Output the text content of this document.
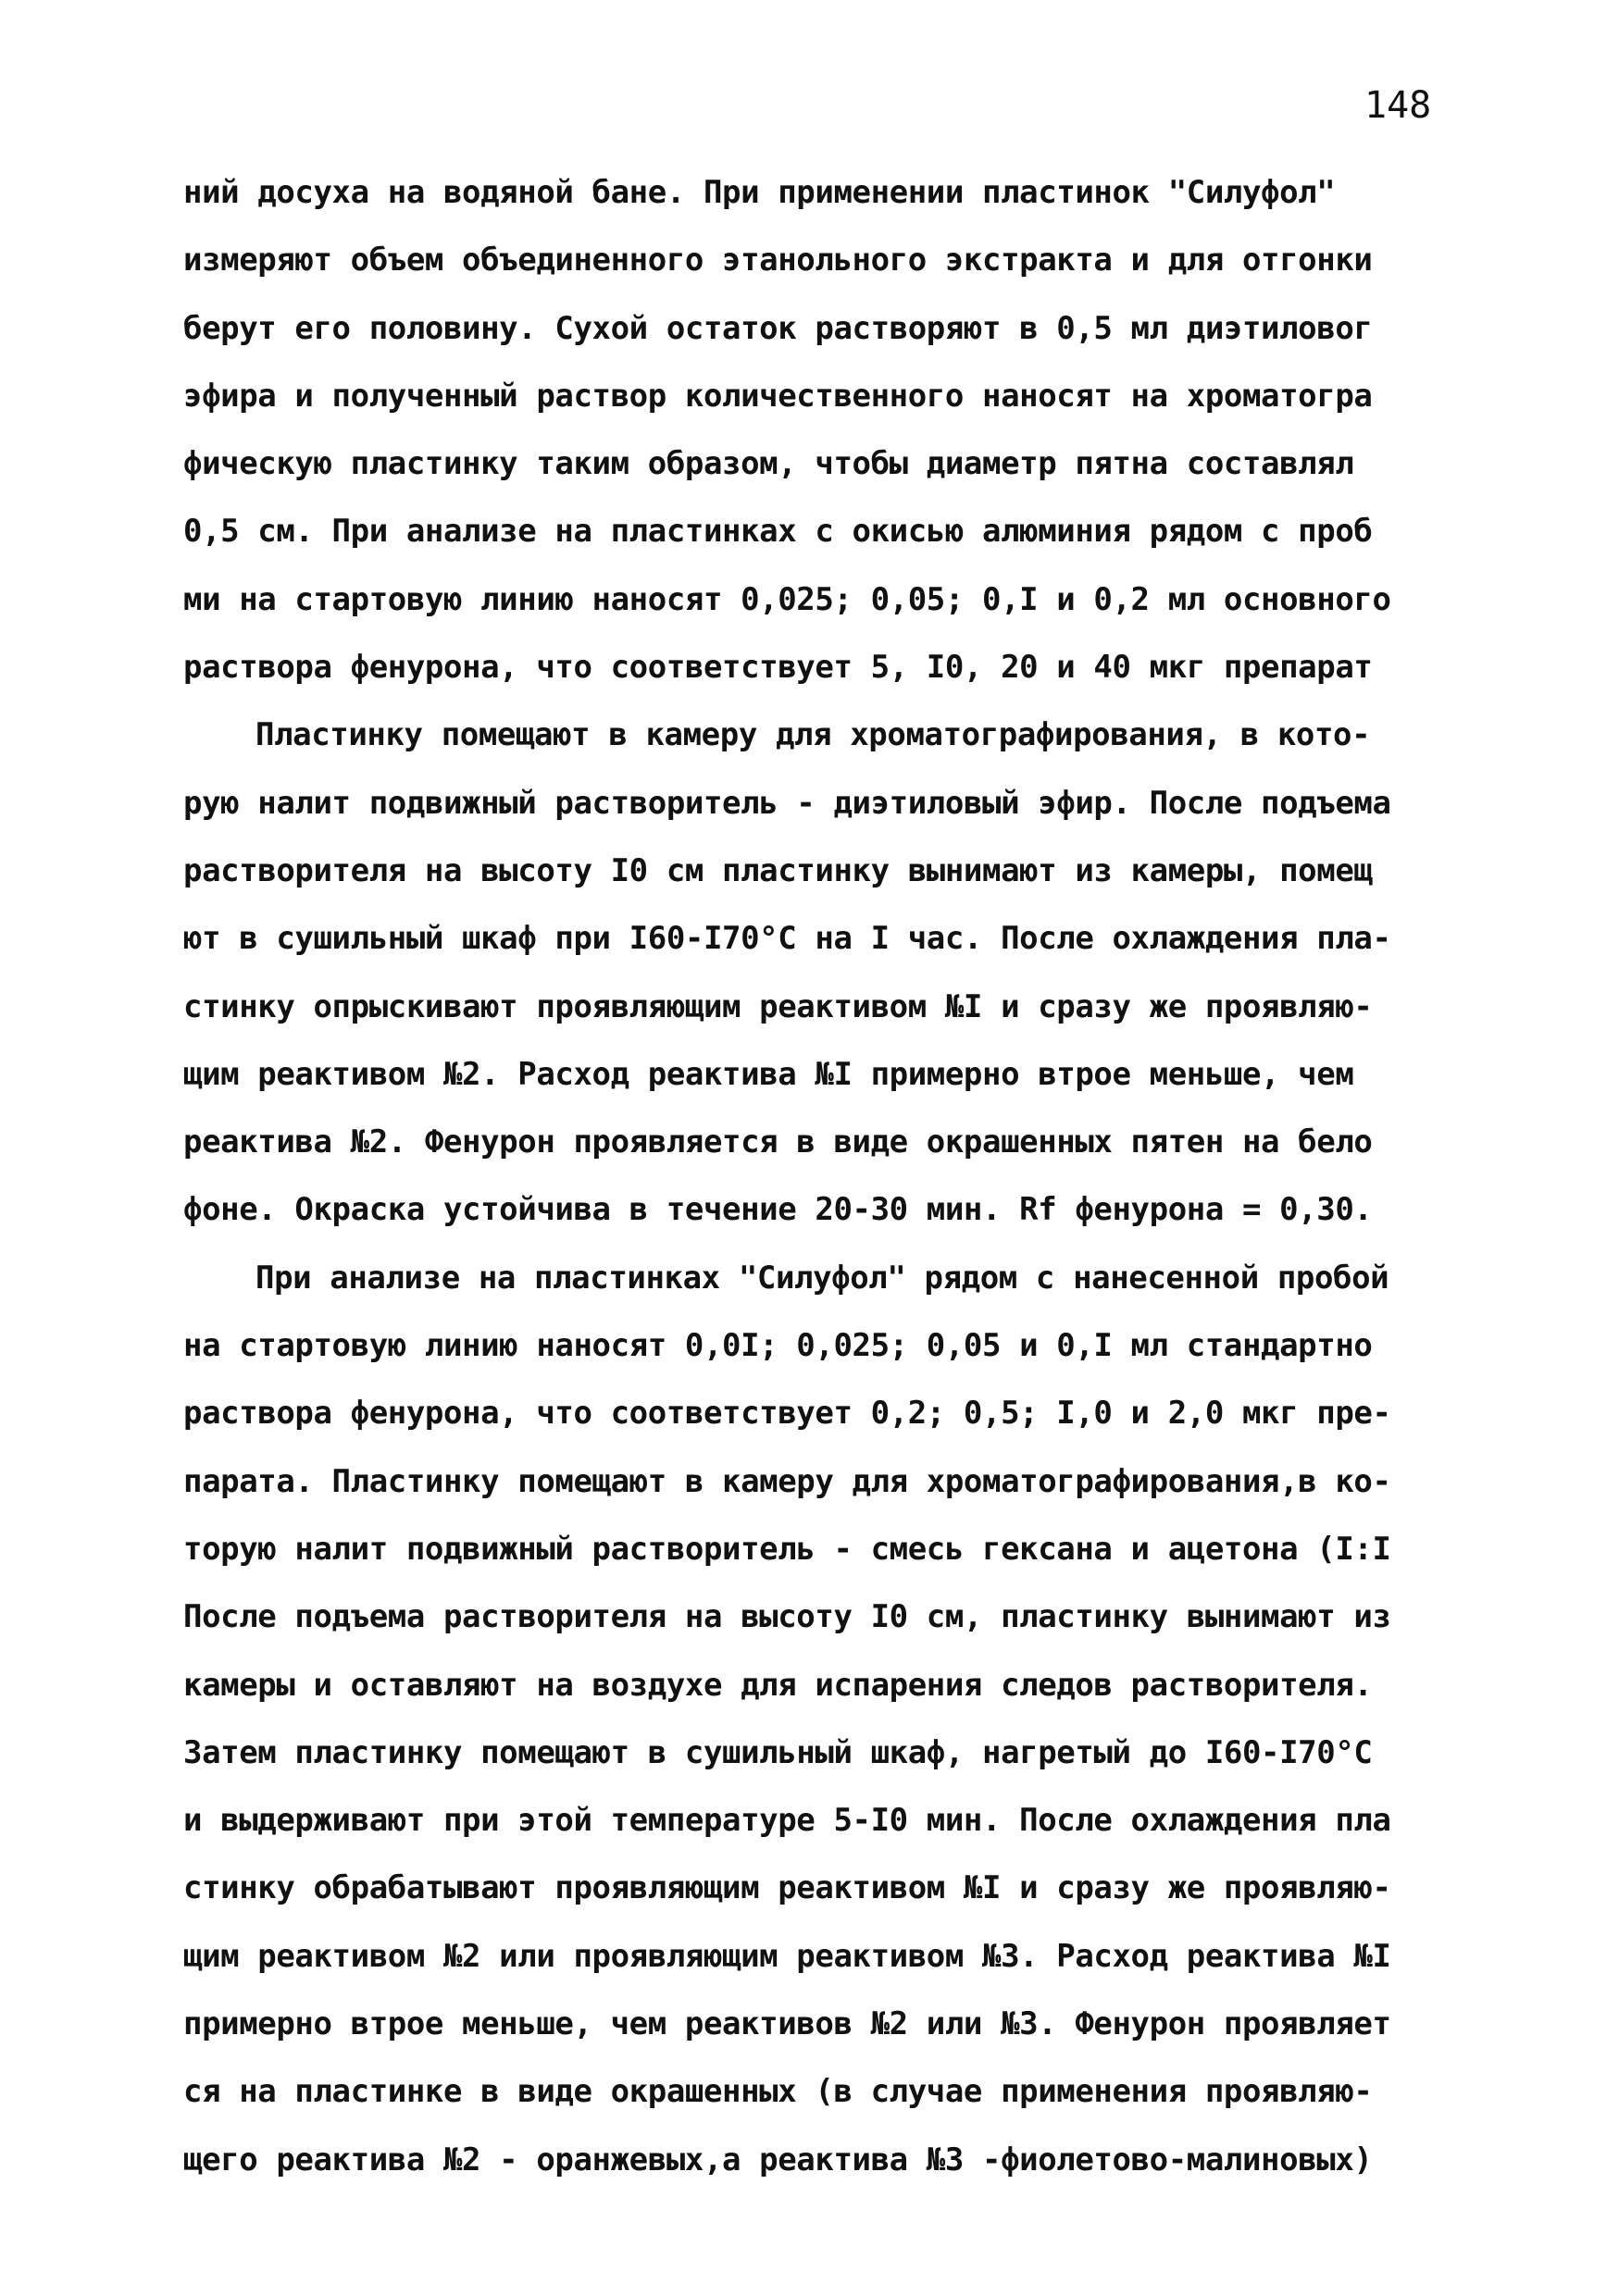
148
ний досуха на водяной бане. При применении пластинок "Силуфол"
измеряют объем объединенного этанольного экстракта и для отгонки
берут его половину. Сухой остаток растворяют в 0,5 мл диэтиловог
эфира и полученный раствор количественного наносят на хроматогра
фическую пластинку таким образом, чтобы диаметр пятна составлял
0,5 см. При анализе на пластинках с окисью алюминия рядом с проб
ми на стартовую линию наносят 0,025; 0,05; 0,I и 0,2 мл основного
раствора фенурона, что соответствует 5, I0, 20 и 40 мкг препарат
Пластинку помещают в камеру для хроматографирования, в кото-
рую налит подвижный растворитель - диэтиловый эфир. После подъема
растворителя на высоту I0 см пластинку вынимают из камеры, помещ
ют в сушильный шкаф при I60-I70°С на I час. После охлаждения пла-
стинку опрыскивают проявляющим реактивом №I и сразу же проявляю-
щим реактивом №2. Расход реактива №I примерно втрое меньше, чем
реактива №2. Фенурон проявляется в виде окрашенных пятен на бело
фоне. Окраска устойчива в течение 20-30 мин. Rf фенурона = 0,30.
При анализе на пластинках "Силуфол" рядом с нанесенной пробой
на стартовую линию наносят 0,0I; 0,025; 0,05 и 0,I мл стандартно
раствора фенурона, что соответствует 0,2; 0,5; I,0 и 2,0 мкг пре-
парата. Пластинку помещают в камеру для хроматографирования,в ко-
торую налит подвижный растворитель - смесь гексана и ацетона (I:I
После подъема растворителя на высоту I0 см, пластинку вынимают из
камеры и оставляют на воздухе для испарения следов растворителя.
Затем пластинку помещают в сушильный шкаф, нагретый до I60-I70°С
и выдерживают при этой температуре 5-I0 мин. После охлаждения пла
стинку обрабатывают проявляющим реактивом №I и сразу же проявляю-
щим реактивом №2 или проявляющим реактивом №3. Расход реактива №I
примерно втрое меньше, чем реактивов №2 или №3. Фенурон проявляет
ся на пластинке в виде окрашенных (в случае применения проявляю-
щего реактива №2 - оранжевых,а реактива №3 -фиолетово-малиновых)
